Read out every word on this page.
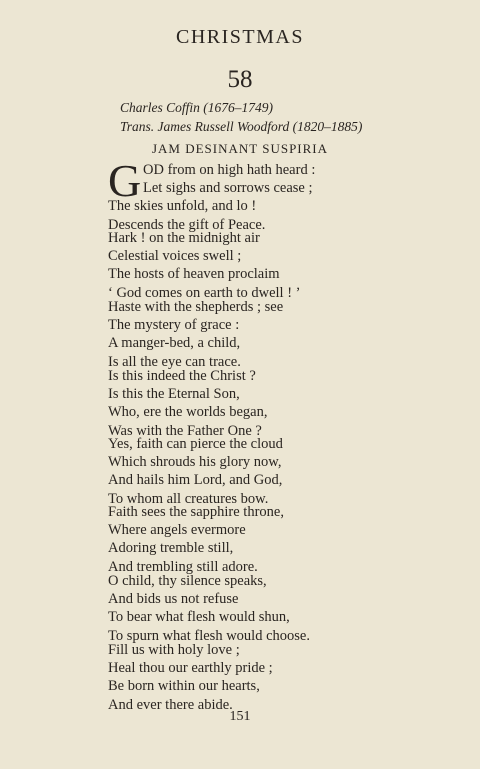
CHRISTMAS
58
Charles Coffin (1676–1749)
Trans. James Russell Woodford (1820–1885)
JAM DESINANT SUSPIRIA
G OD from on high hath heard :
Let sighs and sorrows cease ;
The skies unfold, and lo !
Descends the gift of Peace.
Hark ! on the midnight air
Celestial voices swell ;
The hosts of heaven proclaim
‘ God comes on earth to dwell ! ’
Haste with the shepherds ; see
The mystery of grace :
A manger-bed, a child,
Is all the eye can trace.
Is this indeed the Christ ?
Is this the Eternal Son,
Who, ere the worlds began,
Was with the Father One ?
Yes, faith can pierce the cloud
Which shrouds his glory now,
And hails him Lord, and God,
To whom all creatures bow.
Faith sees the sapphire throne,
Where angels evermore
Adoring tremble still,
And trembling still adore.
O child, thy silence speaks,
And bids us not refuse
To bear what flesh would shun,
To spurn what flesh would choose.
Fill us with holy love ;
Heal thou our earthly pride ;
Be born within our hearts,
And ever there abide.
151
